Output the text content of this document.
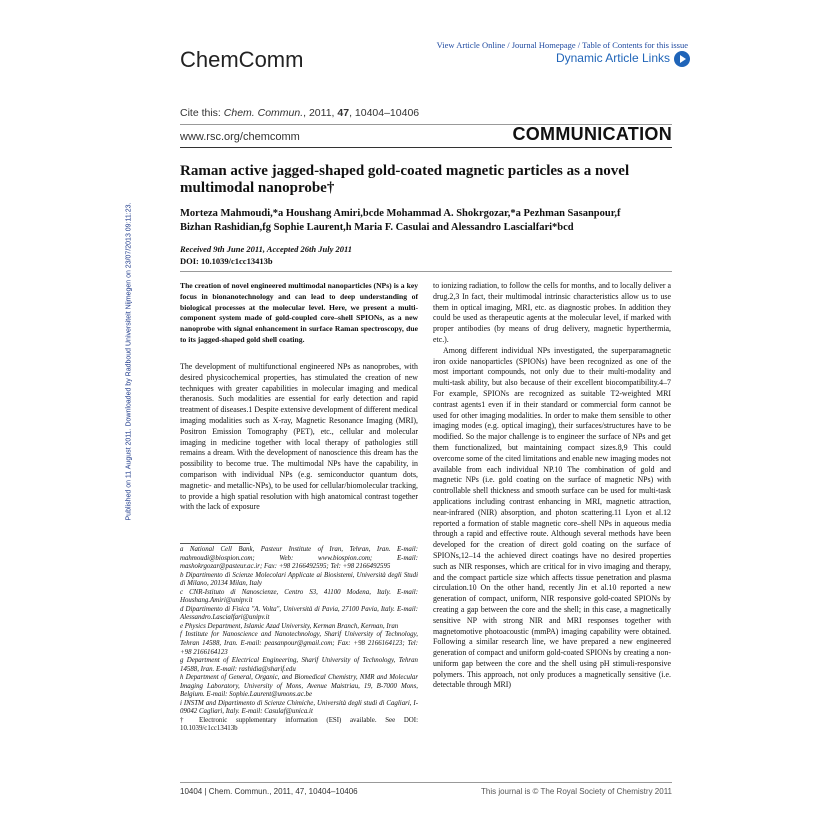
Published on 11 August 2011. Downloaded by Radboud Universiteit Nijmegen on 23/07/2013 09:11:23.
ChemComm
View Article Online / Journal Homepage / Table of Contents for this issue
Dynamic Article Links
Cite this: Chem. Commun., 2011, 47, 10404–10406
www.rsc.org/chemcomm	COMMUNICATION
Raman active jagged-shaped gold-coated magnetic particles as a novel multimodal nanoprobe†
Morteza Mahmoudi,*a Houshang Amiri,bcde Mohammad A. Shokrgozar,*a Pezhman Sasanpour,f
Bizhan Rashidian,fg Sophie Laurent,h Maria F. Casulai and Alessandro Lascialfari*bcd
Received 9th June 2011, Accepted 26th July 2011
DOI: 10.1039/c1cc13413b
The creation of novel engineered multimodal nanoparticles (NPs) is a key focus in bionanotechnology and can lead to deep understanding of biological processes at the molecular level. Here, we present a multi-component system made of gold-coupled core–shell SPIONs, as a new nanoprobe with signal enhancement in surface Raman spectroscopy, due to its jagged-shaped gold shell coating.
The development of multifunctional engineered NPs as nanoprobes, with desired physicochemical properties, has stimulated the creation of new techniques with greater capabilities in molecular imaging and medical theranosis. Such modalities are essential for early detection and rapid treatment of diseases.1 Despite extensive development of different medical imaging modalities such as X-ray, Magnetic Resonance Imaging (MRI), Positron Emission Tomography (PET), etc., cellular and molecular imaging in medicine together with local therapy of pathologies still remains a dream. With the development of nanoscience this dream has the possibility to become true. The multimodal NPs have the capability, in comparison with individual NPs (e.g. semiconductor quantum dots, magnetic- and metallic-NPs), to be used for cellular/biomolecular tracking, to provide a high spatial resolution with high anatomical contrast together with the lack of exposure
a National Cell Bank, Pasteur Institute of Iran, Tehran, Iran. E-mail: mahmoudi@biospion.com; Web: www.biospion.com; E-mail: mashokrgozar@pasteur.ac.ir; Fax: +98 2166492595; Tel: +98 2166492595
b Dipartimento di Scienze Molecolari Applicate ai Biosistemi, Università degli Studi di Milano, 20134 Milan, Italy
c CNR-Istituto di Nanoscienze, Centro S3, 41100 Modena, Italy. E-mail: Houshang.Amiri@unipv.it
d Dipartimento di Fisica "A. Volta", Università di Pavia, 27100 Pavia, Italy. E-mail: Alessandro.Lascialfari@unipv.it
e Physics Department, Islamic Azad University, Kerman Branch, Kerman, Iran
f Institute for Nanoscience and Nanotechnology, Sharif University of Technology, Tehran 14588, Iran. E-mail: peasanpour@gmail.com; Fax: +98 2166164123; Tel: +98 2166164123
g Department of Electrical Engineering, Sharif University of Technology, Tehran 14588, Iran. E-mail: rashidia@sharif.edu
h Department of General, Organic, and Biomedical Chemistry, NMR and Molecular Imaging Laboratory, University of Mons, Avenue Maistriau, 19, B-7000 Mons, Belgium. E-mail: Sophie.Laurent@umons.ac.be
i INSTM and Dipartimento di Scienze Chimiche, Università degli studi di Cagliari, I-09042 Cagliari, Italy. E-mail: Casulaf@unica.it
† Electronic supplementary information (ESI) available. See DOI: 10.1039/c1cc13413b

to ionizing radiation, to follow the cells for months, and to locally deliver a drug.2,3 In fact, their multimodal intrinsic characteristics allow us to use them in optical imaging, MRI, etc. as diagnostic probes. In addition they could be used as therapeutic agents at the molecular level, if marked with proper antibodies (by means of drug delivery, magnetic hyperthermia, etc.).

Among different individual NPs investigated, the superparamagnetic iron oxide nanoparticles (SPIONs) have been recognized as one of the most important compounds, not only due to their multi-modality and multi-task ability, but also because of their excellent biocompatibility.4–7 For example, SPIONs are recognized as suitable T2-weighted MRI contrast agents1 even if in their standard or commercial form cannot be used for other imaging modalities. In order to make them sensible to other imaging modes (e.g. optical imaging), their surfaces/structures have to be modified. So the major challenge is to engineer the surface of NPs and get them functionalized, but maintaining compact sizes.8,9 This could overcome some of the cited limitations and enable new imaging modes not available from each individual NP.10 The combination of gold and magnetic NPs (i.e. gold coating on the surface of magnetic NPs) with controllable shell thickness and smooth surface can be used for multi-task applications including contrast enhancing in MRI, magnetic attraction, near-infrared (NIR) absorption, and photon scattering.11 Lyon et al.12 reported a formation of stable magnetic core–shell NPs in aqueous media through a rapid and effective route. Although several methods have been developed for the creation of direct gold coating on the surface of SPIONs,12–14 the achieved direct coatings have no desired properties such as NIR responses, which are critical for in vivo imaging and therapy, and the compact particle size which affects tissue penetration and plasma circulation.10 On the other hand, recently Jin et al.10 reported a new generation of compact, uniform, NIR responsive gold-coated SPIONs by creating a gap between the core and the shell; in this case, a magnetically sensitive NP with strong NIR and MRI responses together with magnetomotive photoacoustic (mmPA) imaging capability were obtained. Following a similar research line, we have prepared a new engineered generation of compact and uniform gold-coated SPIONs by creating a non-uniform gap between the core and the shell using pH stimuli-responsive polymers. This approach, not only produces a magnetically sensitive (i.e. detectable through MRI)

10404 | Chem. Commun., 2011, 47, 10404–10406	This journal is © The Royal Society of Chemistry 2011
